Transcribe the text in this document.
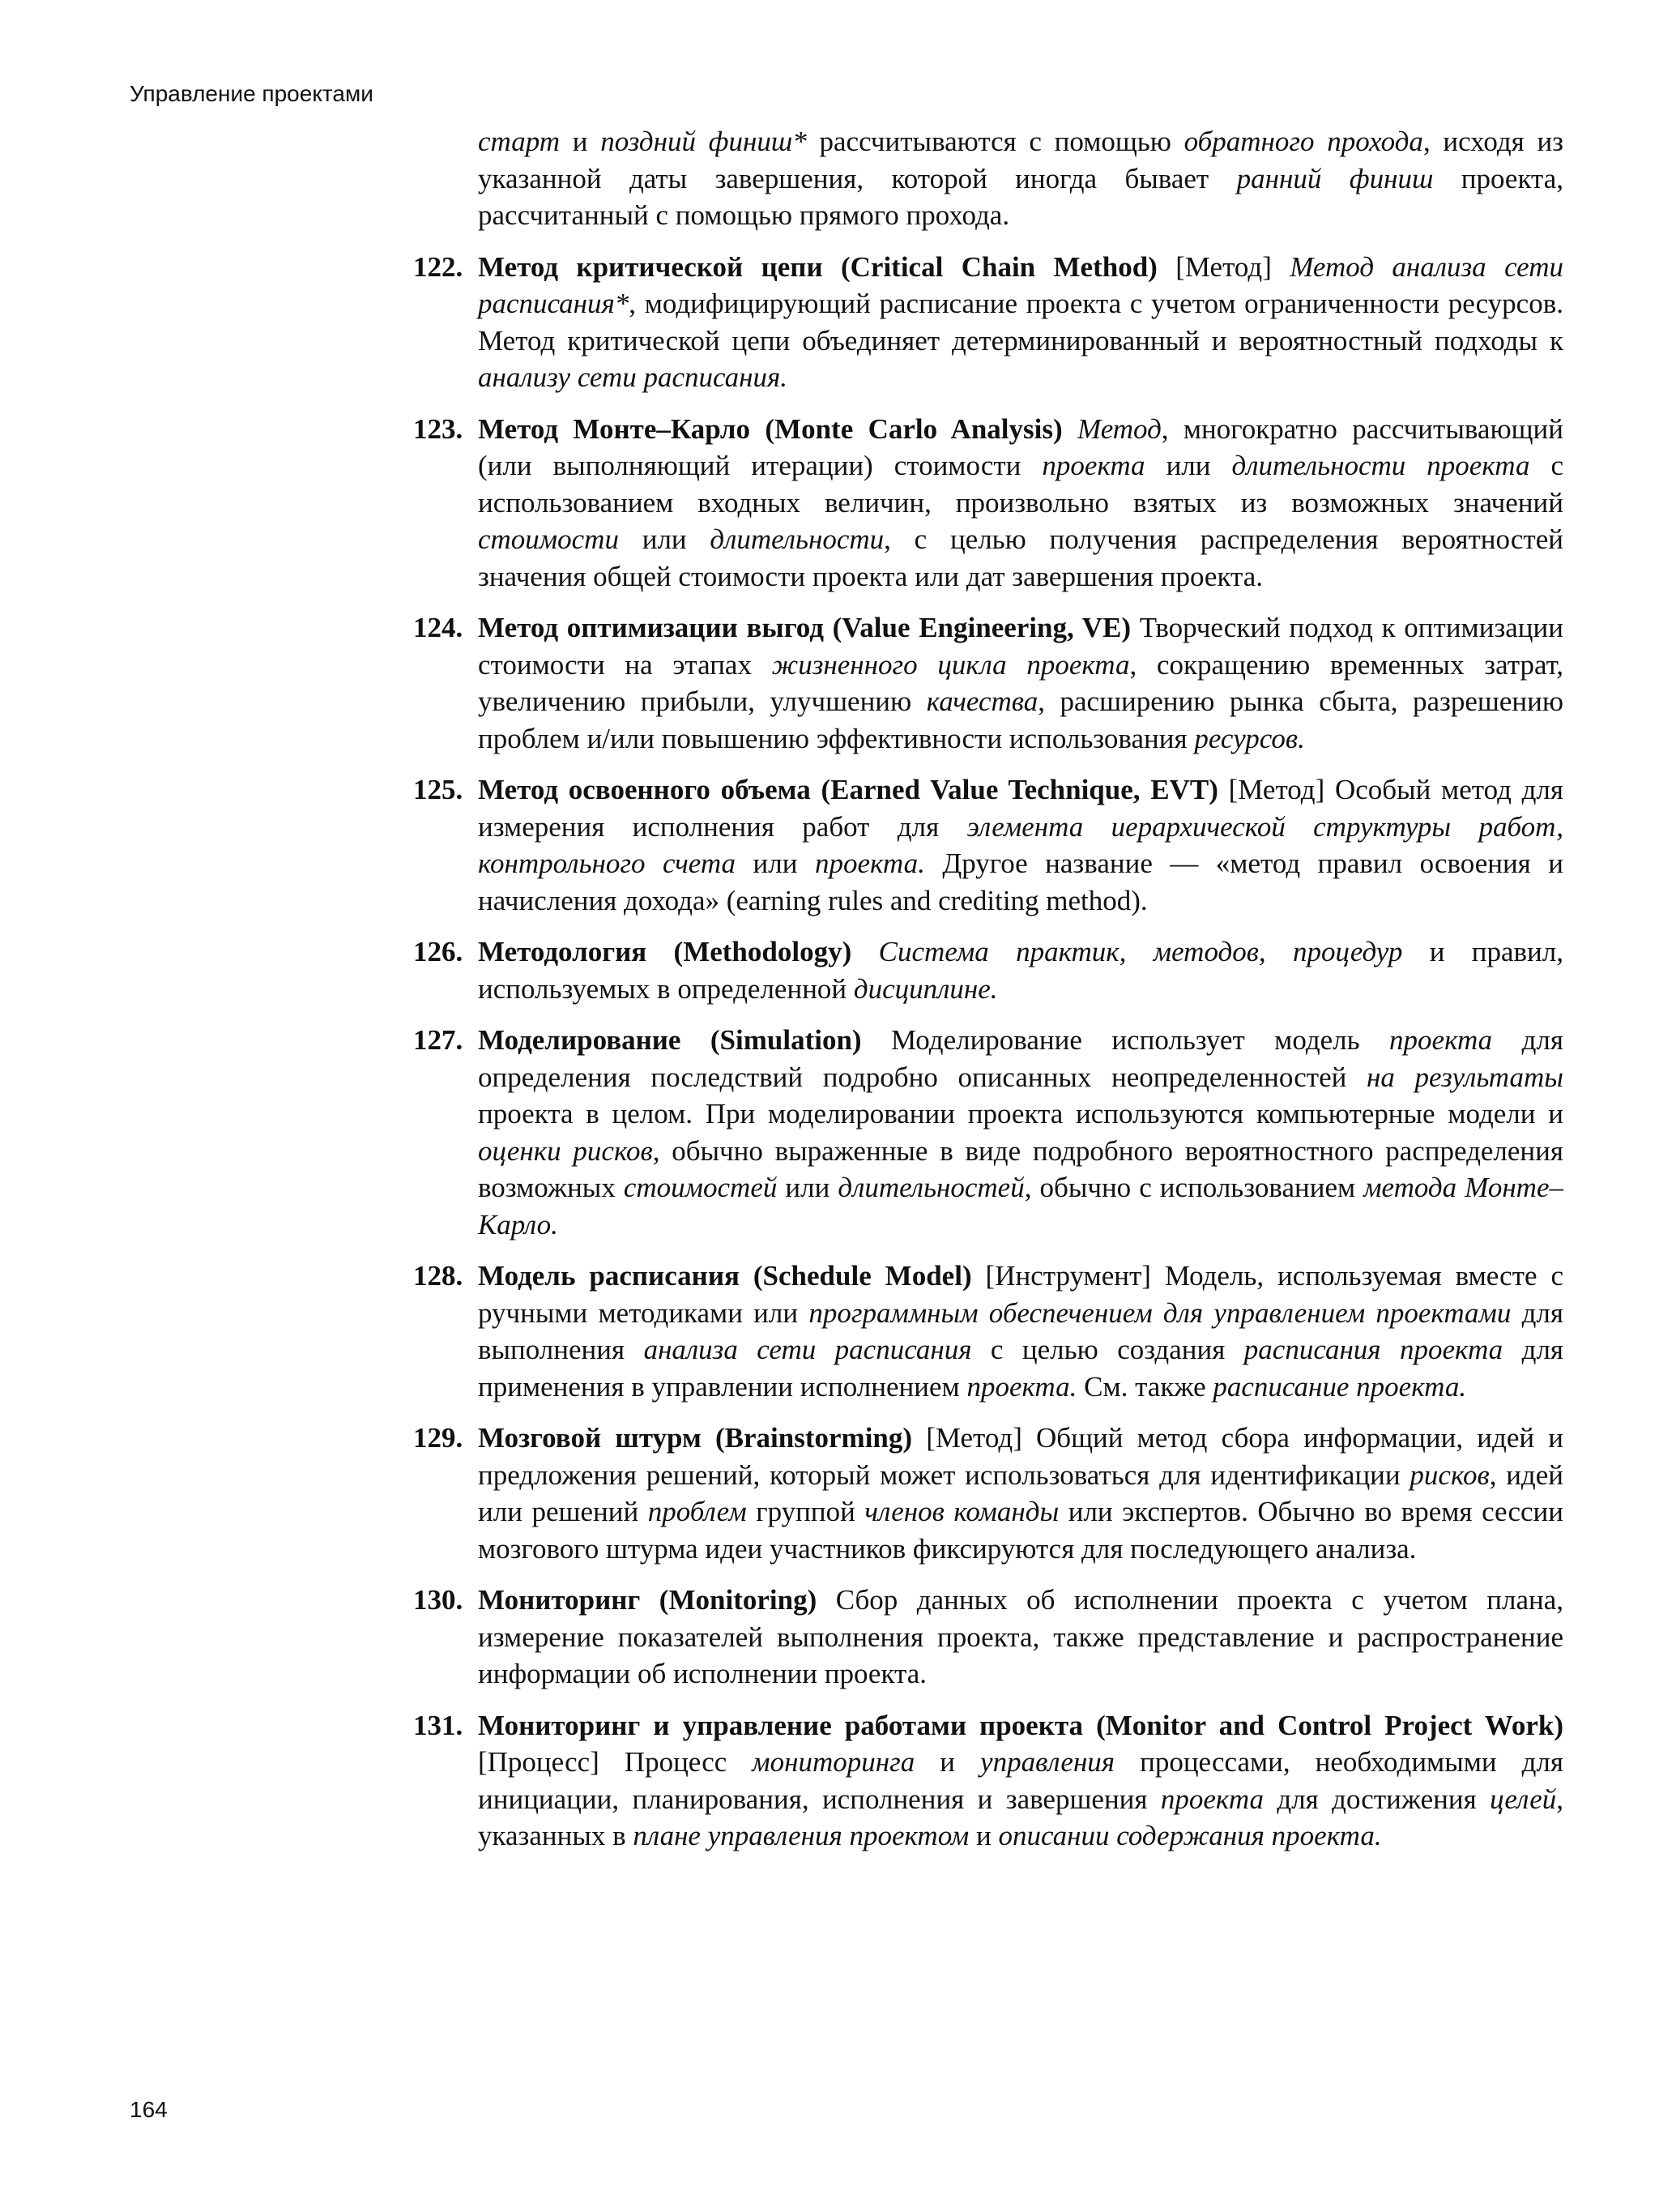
Управление проектами

старт и поздний финиш* рассчитываются с помощью обратного прохода, исходя из указанной даты завершения, которой иногда бывает ранний финиш проекта, рассчитанный с помощью прямого прохода.

122. Метод критической цепи (Critical Chain Method) [Метод] Метод анализа сети расписания*, модифицирующий расписание проекта с учетом ограниченности ресурсов. Метод критической цепи объединяет детерминированный и вероятностный подходы к анализу сети расписания.

123. Метод Монте–Карло (Monte Carlo Analysis) Метод, многократно рассчитывающий (или выполняющий итерации) стоимости проекта или длительности проекта с использованием входных величин, произвольно взятых из возможных значений стоимости или длительности, с целью получения распределения вероятностей значения общей стоимости проекта или дат завершения проекта.

124. Метод оптимизации выгод (Value Engineering, VE) Творческий подход к оптимизации стоимости на этапах жизненного цикла проекта, сокращению временных затрат, увеличению прибыли, улучшению качества, расширению рынка сбыта, разрешению проблем и/или повышению эффективности использования ресурсов.

125. Метод освоенного объема (Earned Value Technique, EVT) [Метод] Особый метод для измерения исполнения работ для элемента иерархической структуры работ, контрольного счета или проекта. Другое название — «метод правил освоения и начисления дохода» (earning rules and crediting method).

126. Методология (Methodology) Система практик, методов, процедур и правил, используемых в определенной дисциплине.

127. Моделирование (Simulation) Моделирование использует модель проекта для определения последствий подробно описанных неопределенностей на результаты проекта в целом. При моделировании проекта используются компьютерные модели и оценки рисков, обычно выраженные в виде подробного вероятностного распределения возможных стоимостей или длительностей, обычно с использованием метода Монте–Карло.

128. Модель расписания (Schedule Model) [Инструмент] Модель, используемая вместе с ручными методиками или программным обеспечением для управлением проектами для выполнения анализа сети расписания с целью создания расписания проекта для применения в управлении исполнением проекта. См. также расписание проекта.

129. Мозговой штурм (Brainstorming) [Метод] Общий метод сбора информации, идей и предложения решений, который может использоваться для идентификации рисков, идей или решений проблем группой членов команды или экспертов. Обычно во время сессии мозгового штурма идеи участников фиксируются для последующего анализа.

130. Мониторинг (Monitoring) Сбор данных об исполнении проекта с учетом плана, измерение показателей выполнения проекта, также представление и распространение информации об исполнении проекта.

131. Мониторинг и управление работами проекта (Monitor and Control Project Work) [Процесс] Процесс мониторинга и управления процессами, необходимыми для инициации, планирования, исполнения и завершения проекта для достижения целей, указанных в плане управления проектом и описании содержания проекта.

164
